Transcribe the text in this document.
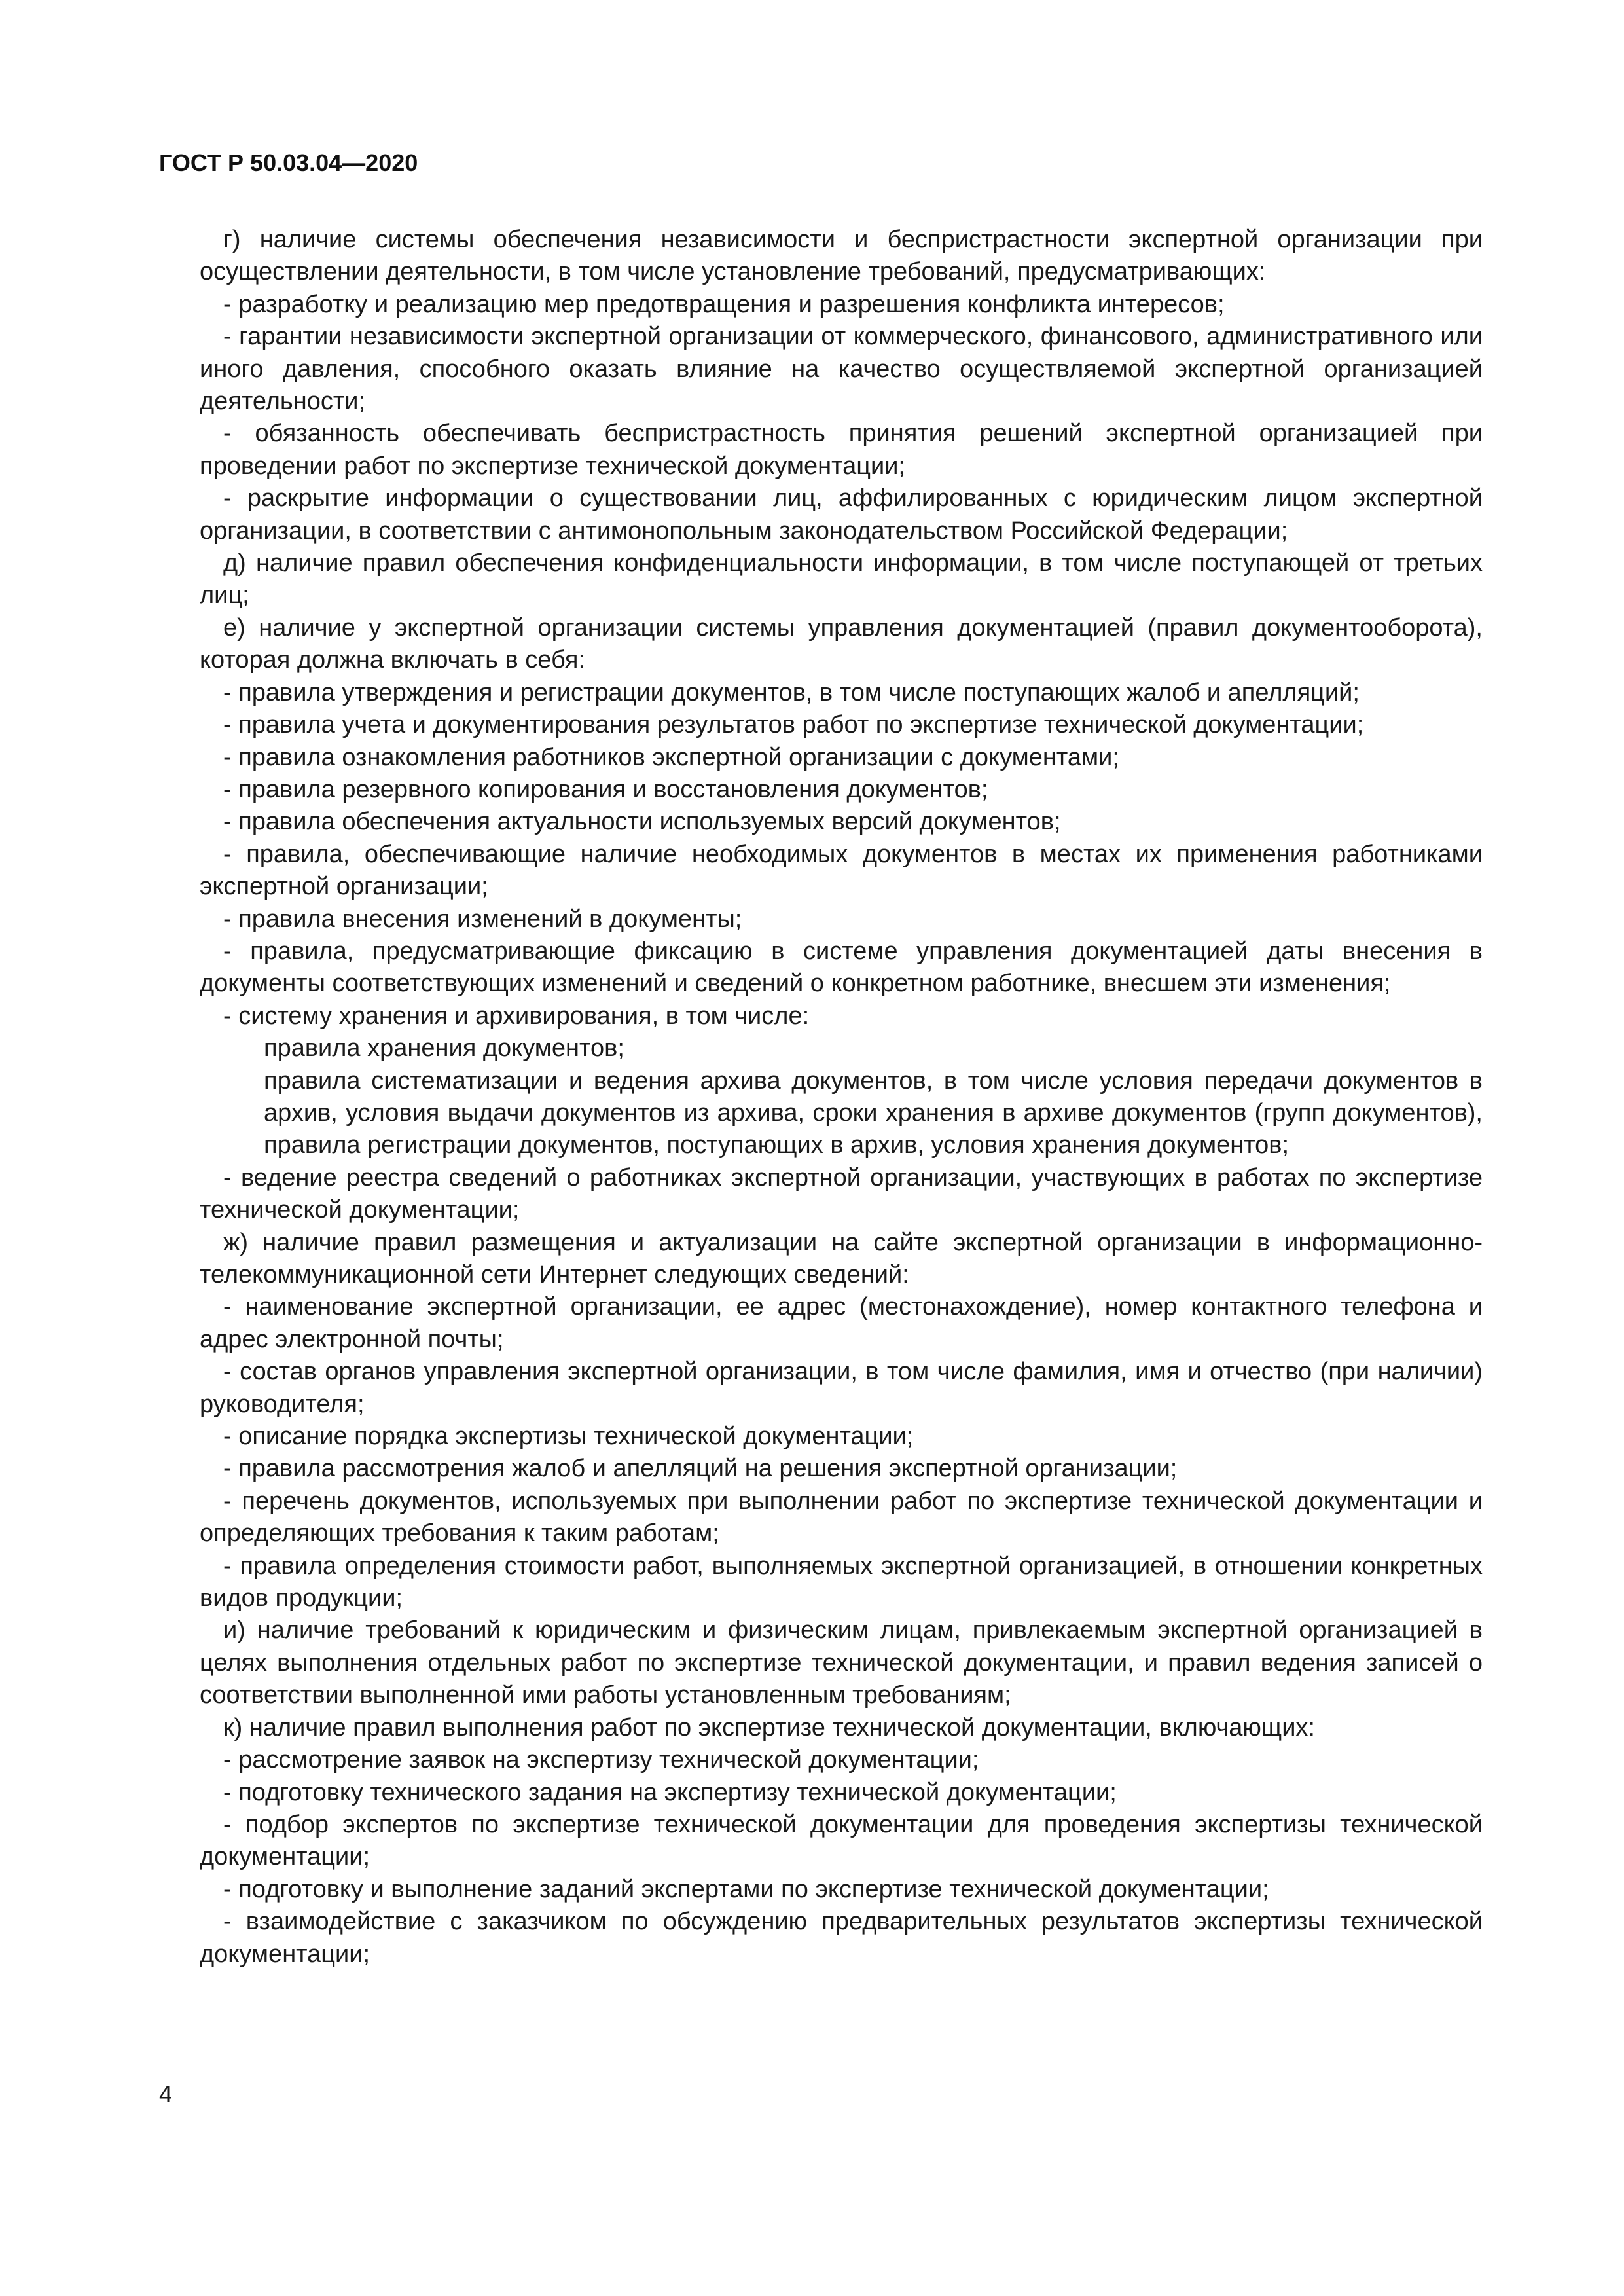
ГОСТ Р 50.03.04—2020

г) наличие системы обеспечения независимости и беспристрастности экспертной организации при осуществлении деятельности, в том числе установление требований, предусматривающих:

- разработку и реализацию мер предотвращения и разрешения конфликта интересов;

- гарантии независимости экспертной организации от коммерческого, финансового, административного или иного давления, способного оказать влияние на качество осуществляемой экспертной организацией деятельности;

- обязанность обеспечивать беспристрастность принятия решений экспертной организацией при проведении работ по экспертизе технической документации;

- раскрытие информации о существовании лиц, аффилированных с юридическим лицом экспертной организации, в соответствии с антимонопольным законодательством Российской Федерации;

д) наличие правил обеспечения конфиденциальности информации, в том числе поступающей от третьих лиц;

е) наличие у экспертной организации системы управления документацией (правил документооборота), которая должна включать в себя:

- правила утверждения и регистрации документов, в том числе поступающих жалоб и апелляций;

- правила учета и документирования результатов работ по экспертизе технической документации;

- правила ознакомления работников экспертной организации с документами;

- правила резервного копирования и восстановления документов;

- правила обеспечения актуальности используемых версий документов;

- правила, обеспечивающие наличие необходимых документов в местах их применения работниками экспертной организации;

- правила внесения изменений в документы;

- правила, предусматривающие фиксацию в системе управления документацией даты внесения в документы соответствующих изменений и сведений о конкретном работнике, внесшем эти изменения;

- систему хранения и архивирования, в том числе:

правила хранения документов;

правила систематизации и ведения архива документов, в том числе условия передачи документов в архив, условия выдачи документов из архива, сроки хранения в архиве документов (групп документов), правила регистрации документов, поступающих в архив, условия хранения документов;

- ведение реестра сведений о работниках экспертной организации, участвующих в работах по экспертизе технической документации;

ж) наличие правил размещения и актуализации на сайте экспертной организации в информационно-телекоммуникационной сети Интернет следующих сведений:

- наименование экспертной организации, ее адрес (местонахождение), номер контактного телефона и адрес электронной почты;

- состав органов управления экспертной организации, в том числе фамилия, имя и отчество (при наличии) руководителя;

- описание порядка экспертизы технической документации;

- правила рассмотрения жалоб и апелляций на решения экспертной организации;

- перечень документов, используемых при выполнении работ по экспертизе технической документации и определяющих требования к таким работам;

- правила определения стоимости работ, выполняемых экспертной организацией, в отношении конкретных видов продукции;

и) наличие требований к юридическим и физическим лицам, привлекаемым экспертной организацией в целях выполнения отдельных работ по экспертизе технической документации, и правил ведения записей о соответствии выполненной ими работы установленным требованиям;

к) наличие правил выполнения работ по экспертизе технической документации, включающих:

- рассмотрение заявок на экспертизу технической документации;

- подготовку технического задания на экспертизу технической документации;

- подбор экспертов по экспертизе технической документации для проведения экспертизы технической документации;

- подготовку и выполнение заданий экспертами по экспертизе технической документации;

- взаимодействие с заказчиком по обсуждению предварительных результатов экспертизы технической документации;

4
